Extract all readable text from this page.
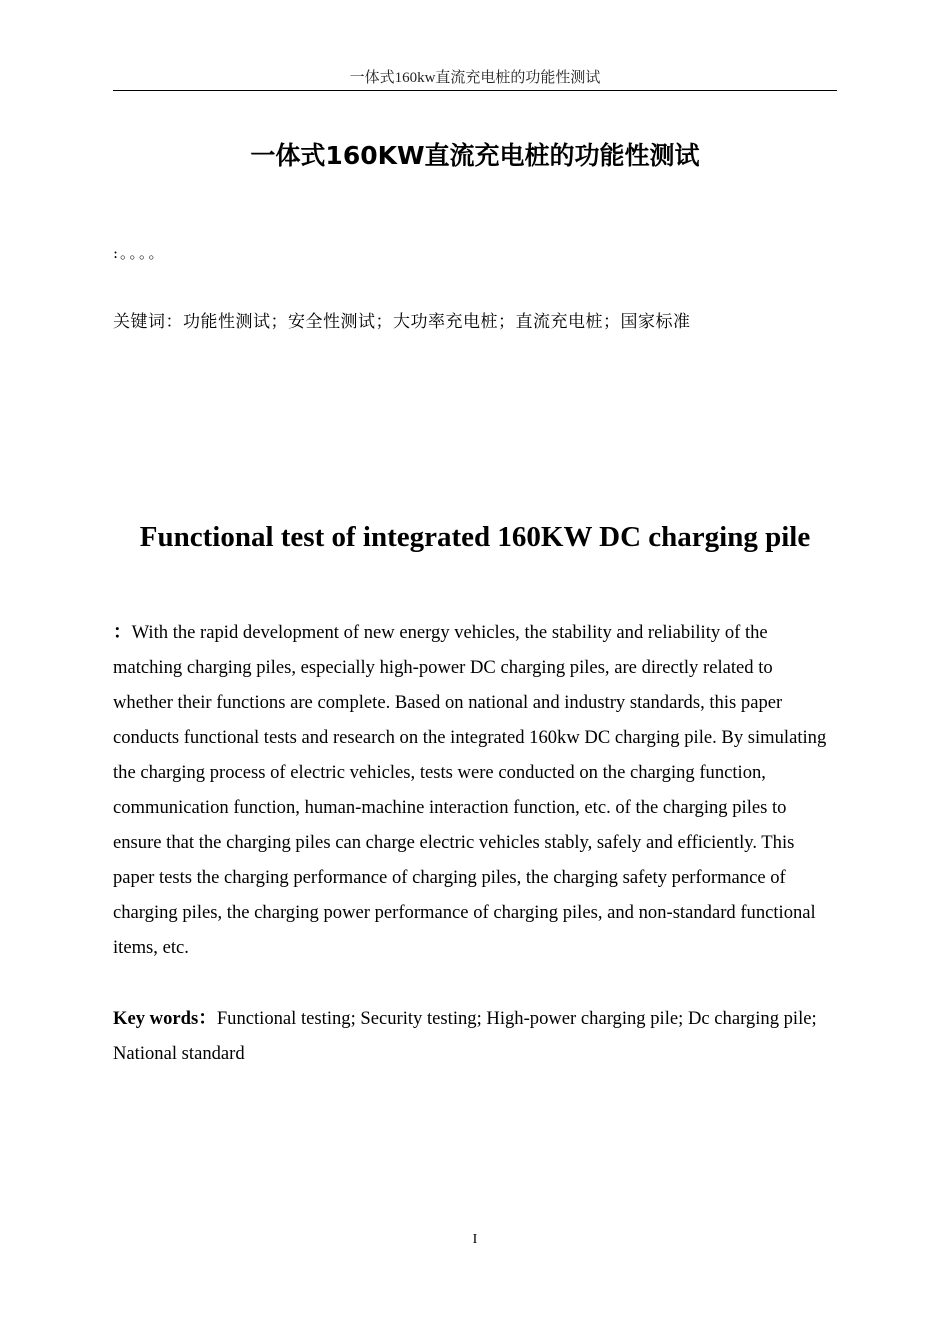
一体式160kw直流充电桩的功能性测试
一体式160KW直流充电桩的功能性测试
:。。。。
关键词：功能性测试；安全性测试；大功率充电桩；直流充电桩；国家标准
Functional test of integrated 160KW DC charging pile
：With the rapid development of new energy vehicles, the stability and reliability of the matching charging piles, especially high-power DC charging piles, are directly related to whether their functions are complete. Based on national and industry standards, this paper conducts functional tests and research on the integrated 160kw DC charging pile. By simulating the charging process of electric vehicles, tests were conducted on the charging function, communication function, human-machine interaction function, etc. of the charging piles to ensure that the charging piles can charge electric vehicles stably, safely and efficiently. This paper tests the charging performance of charging piles, the charging safety performance of charging piles, the charging power performance of charging piles, and non-standard functional items, etc.
Key words：Functional testing; Security testing; High-power charging pile; Dc charging pile; National standard
I
